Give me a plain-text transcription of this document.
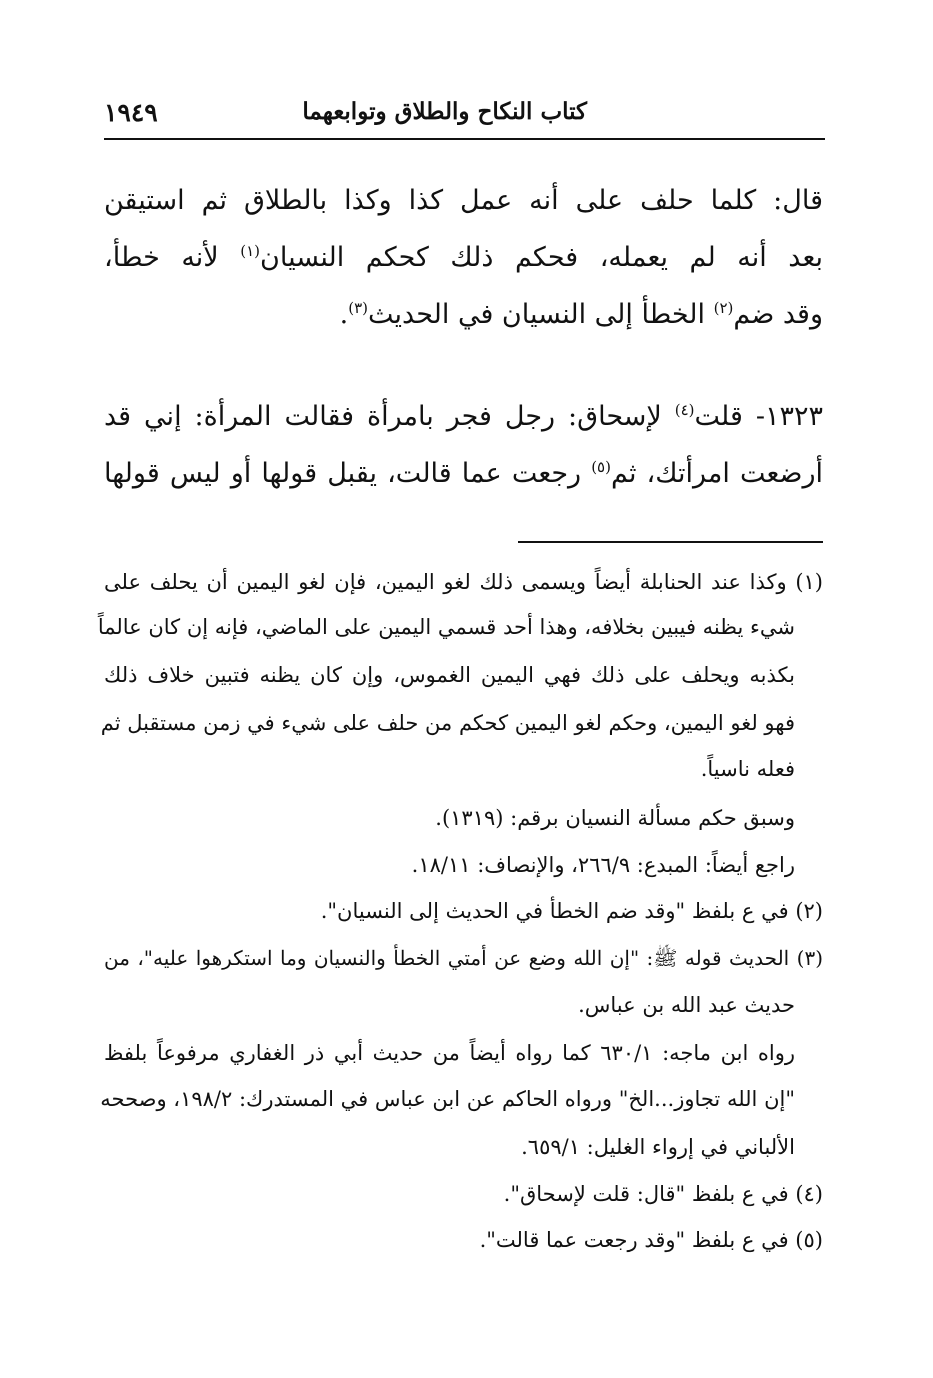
كتاب النكاح والطلاق وتوابعهما
١٩٤٩
قال: كلما حلف على أنه عمل كذا وكذا بالطلاق ثم استيقن
بعد أنه لم يعمله، فحكم ذلك كحكم النسيان$^{(١)}$ لأنه خطأ،
وقد ضم$^{(٢)}$ الخطأ إلى النسيان في الحديث$^{(٣)}$.
١٣٢٣- قلت$^{(٤)}$ لإسحاق: رجل فجر بامرأة فقالت المرأة: إني قد
أرضعت امرأتك، ثم$^{(٥)}$ رجعت عما قالت، يقبل قولها أو ليس قولها
(١) وكذا عند الحنابلة أيضاً ويسمى ذلك لغو اليمين، فإن لغو اليمين أن يحلف على
شيء يظنه فيبين بخلافه، وهذا أحد قسمي اليمين على الماضي، فإنه إن كان عالماً
بكذبه ويحلف على ذلك فهي اليمين الغموس، وإن كان يظنه فتبين خلاف ذلك
فهو لغو اليمين، وحكم لغو اليمين كحكم من حلف على شيء في زمن مستقبل ثم
فعله ناسياً.
وسبق حكم مسألة النسيان برقم: (١٣١٩).
راجع أيضاً: المبدع: ٢٦٦/٩، والإنصاف: ١٨/١١.
(٢) في ع بلفظ "وقد ضم الخطأ في الحديث إلى النسيان".
(٣) الحديث قوله ﷺ: "إن الله وضع عن أمتي الخطأ والنسيان وما استكرهوا عليه"، من
حديث عبد الله بن عباس.
رواه ابن ماجه: ٦٣٠/١ كما رواه أيضاً من حديث أبي ذر الغفاري مرفوعاً بلفظ
"إن الله تجاوز...الخ" ورواه الحاكم عن ابن عباس في المستدرك: ١٩٨/٢، وصححه
الألباني في إرواء الغليل: ٦٥٩/١.
(٤) في ع بلفظ "قال: قلت لإسحاق".
(٥) في ع بلفظ "وقد رجعت عما قالت".
